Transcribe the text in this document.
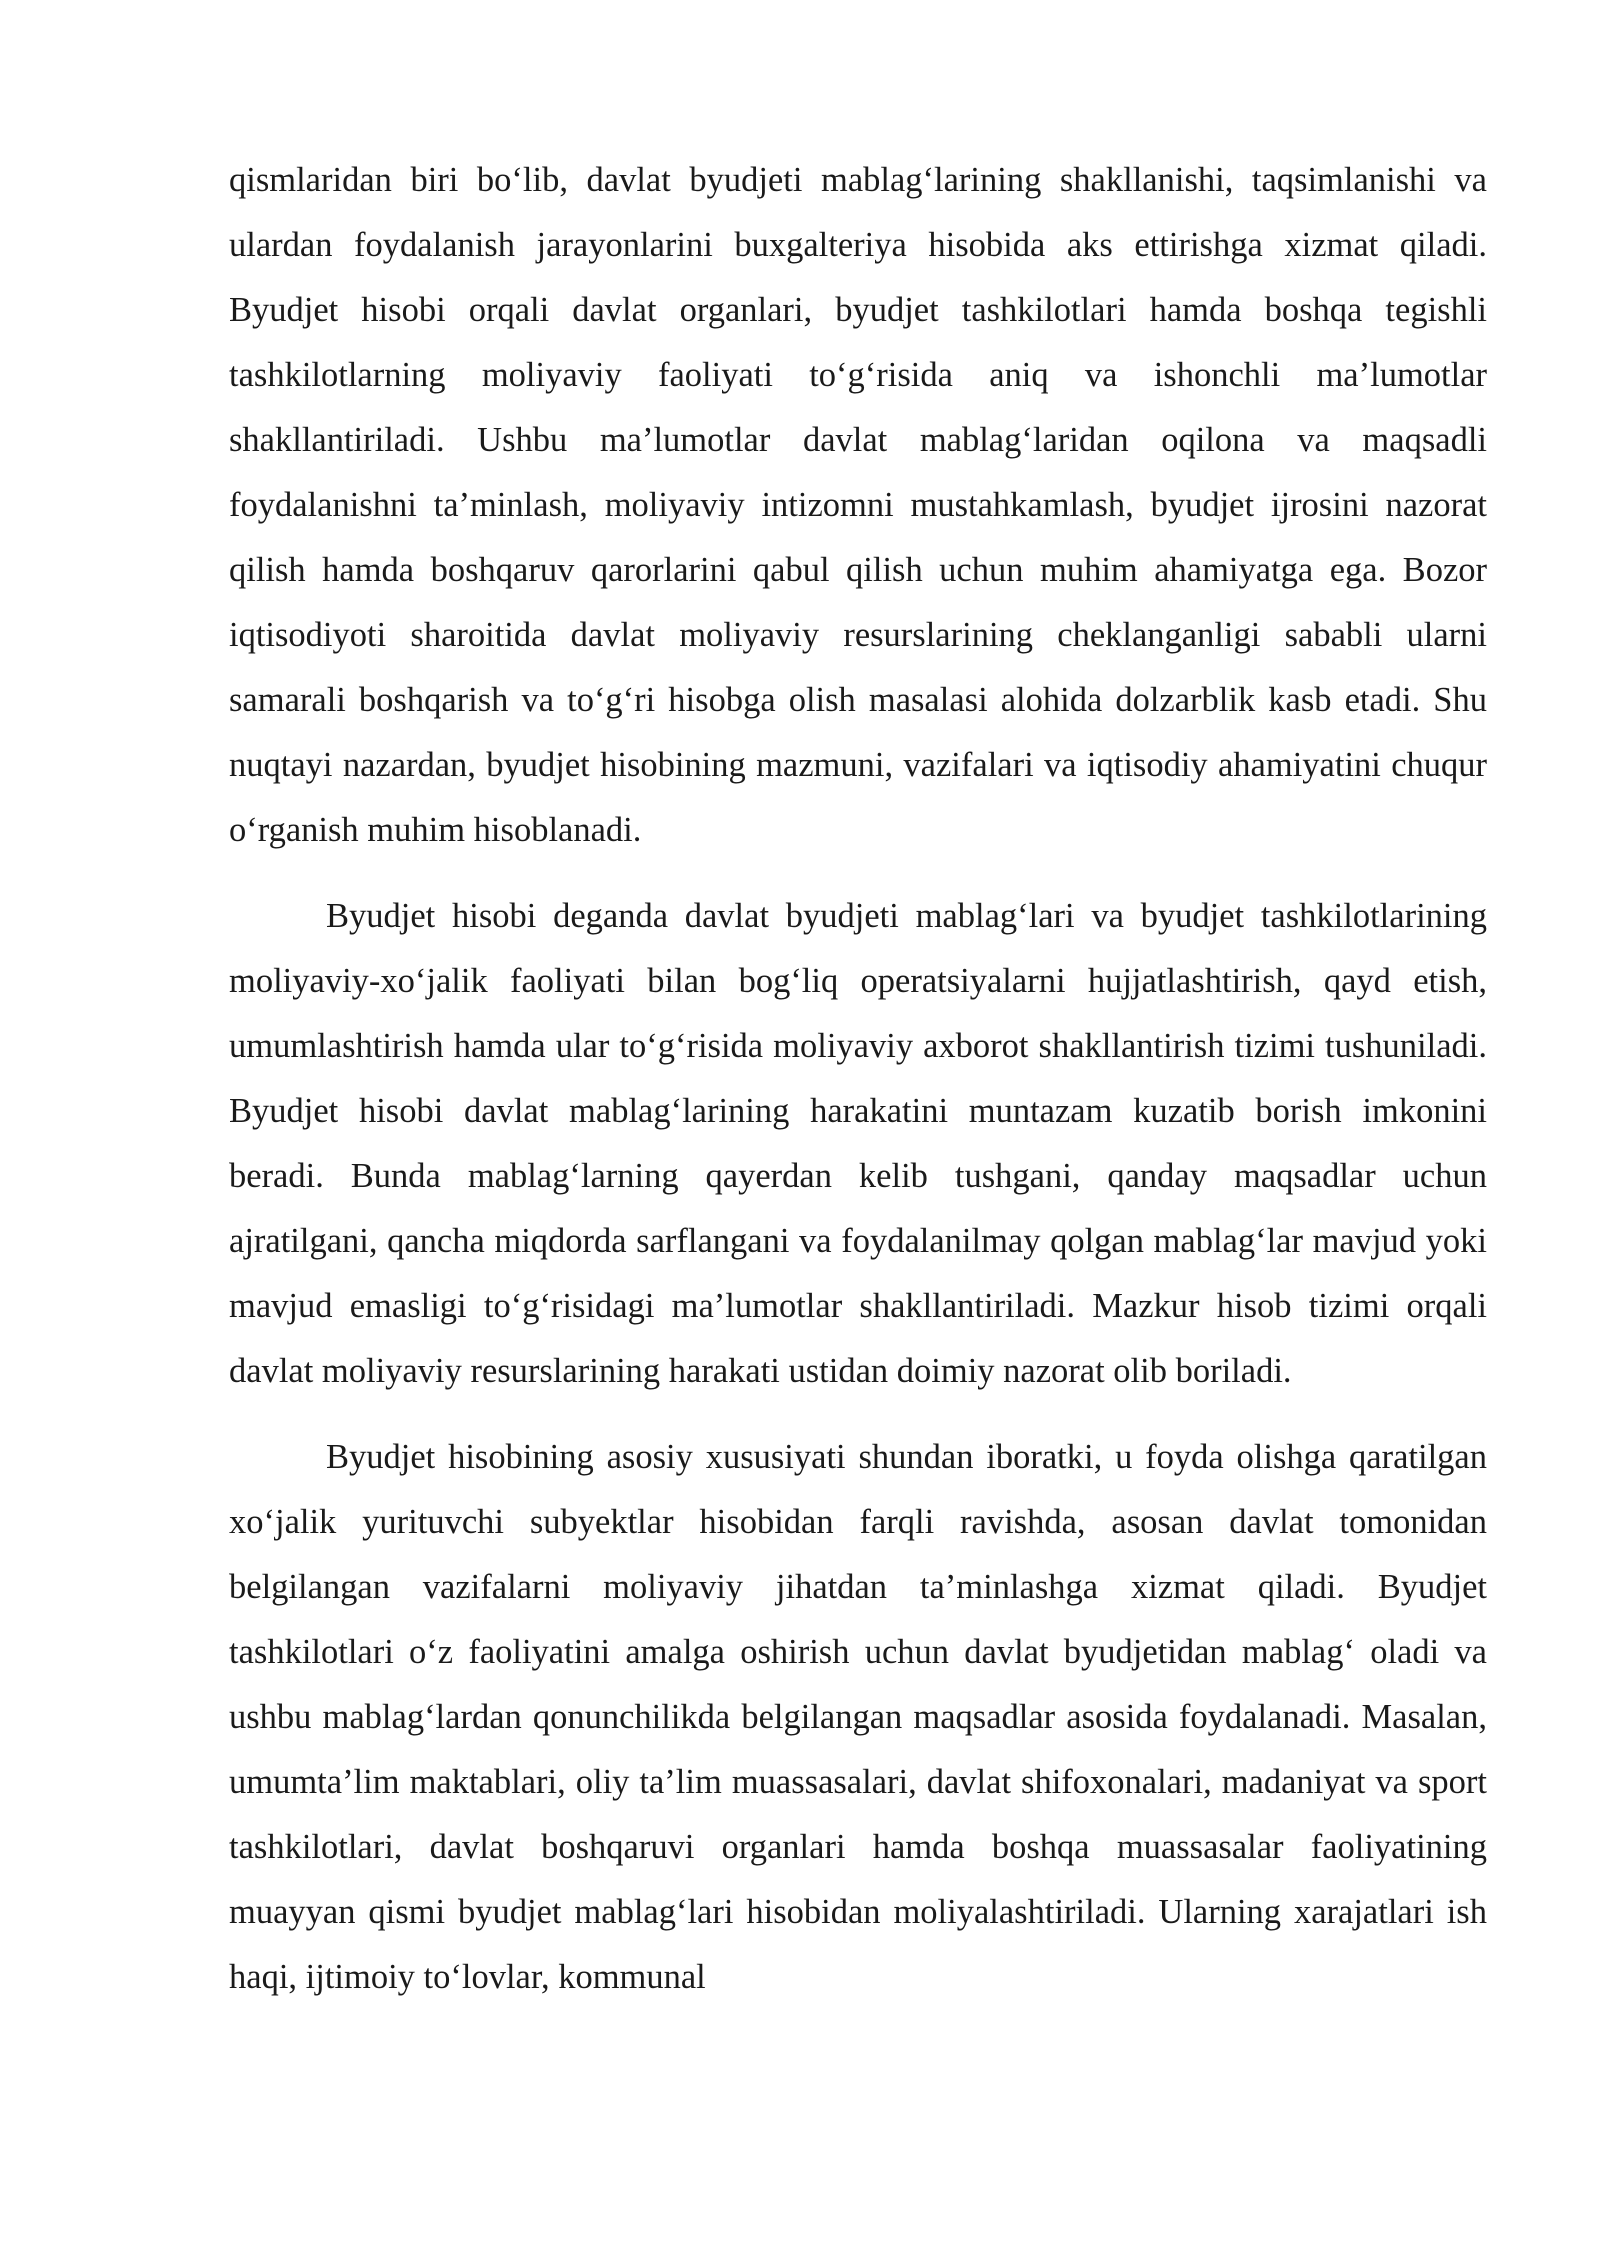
qismlaridan biri bo‘lib, davlat byudjeti mablag‘larining shakllanishi, taqsimlanishi va ulardan foydalanish jarayonlarini buxgalteriya hisobida aks ettirishga xizmat qiladi. Byudjet hisobi orqali davlat organlari, byudjet tashkilotlari hamda boshqa tegishli tashkilotlarning moliyaviy faoliyati to‘g‘risida aniq va ishonchli ma’lumotlar shakllantiriladi. Ushbu ma’lumotlar davlat mablag‘laridan oqilona va maqsadli foydalanishni ta’minlash, moliyaviy intizomni mustahkamlash, byudjet ijrosini nazorat qilish hamda boshqaruv qarorlarini qabul qilish uchun muhim ahamiyatga ega. Bozor iqtisodiyoti sharoitida davlat moliyaviy resurslarining cheklanganligi sababli ularni samarali boshqarish va to‘g‘ri hisobga olish masalasi alohida dolzarblik kasb etadi. Shu nuqtayi nazardan, byudjet hisobining mazmuni, vazifalari va iqtisodiy ahamiyatini chuqur o‘rganish muhim hisoblanadi.

Byudjet hisobi deganda davlat byudjeti mablag‘lari va byudjet tashkilotlarining moliyaviy-xo‘jalik faoliyati bilan bog‘liq operatsiyalarni hujjatlashtirish, qayd etish, umumlashtirish hamda ular to‘g‘risida moliyaviy axborot shakllantirish tizimi tushuniladi. Byudjet hisobi davlat mablag‘larining harakatini muntazam kuzatib borish imkonini beradi. Bunda mablag‘larning qayerdan kelib tushgani, qanday maqsadlar uchun ajratilgani, qancha miqdorda sarflangani va foydalanilmay qolgan mablag‘lar mavjud yoki mavjud emasligi to‘g‘risidagi ma’lumotlar shakllantiriladi. Mazkur hisob tizimi orqali davlat moliyaviy resurslarining harakati ustidan doimiy nazorat olib boriladi.

Byudjet hisobining asosiy xususiyati shundan iboratki, u foyda olishga qaratilgan xo‘jalik yurituvchi subyektlar hisobidan farqli ravishda, asosan davlat tomonidan belgilangan vazifalarni moliyaviy jihatdan ta’minlashga xizmat qiladi. Byudjet tashkilotlari o‘z faoliyatini amalga oshirish uchun davlat byudjetidan mablag‘ oladi va ushbu mablag‘lardan qonunchilikda belgilangan maqsadlar asosida foydalanadi. Masalan, umumta’lim maktablari, oliy ta’lim muassasalari, davlat shifoxonalari, madaniyat va sport tashkilotlari, davlat boshqaruvi organlari hamda boshqa muassasalar faoliyatining muayyan qismi byudjet mablag‘lari hisobidan moliyalashtiriladi. Ularning xarajatlari ish haqi, ijtimoiy to‘lovlar, kommunal
